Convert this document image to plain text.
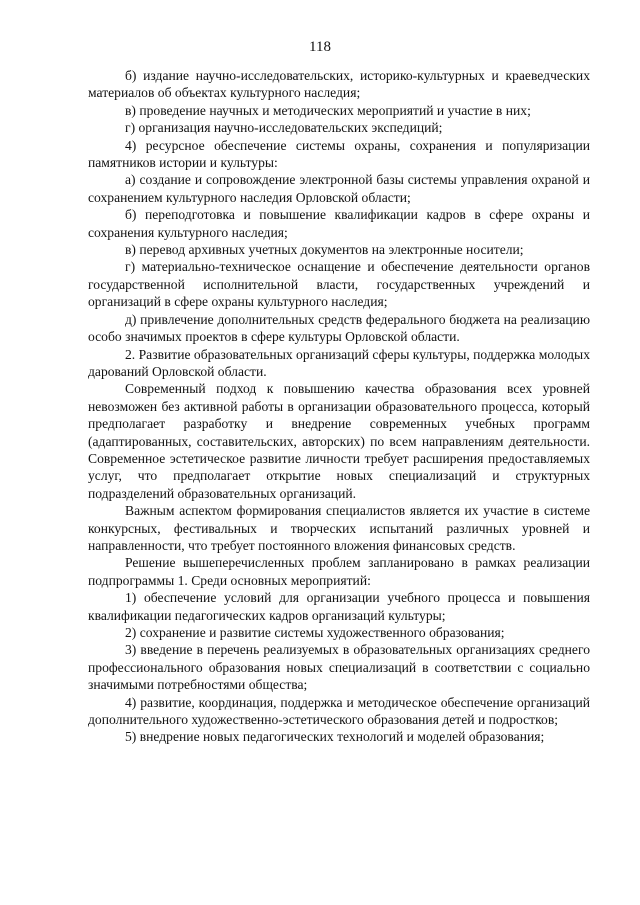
118

б) издание научно-исследовательских, историко-культурных и краеведческих материалов об объектах культурного наследия;

в) проведение научных и методических мероприятий и участие в них;

г) организация научно-исследовательских экспедиций;

4) ресурсное обеспечение системы охраны, сохранения и популяризации памятников истории и культуры:

а) создание и сопровождение электронной базы системы управления охраной и сохранением культурного наследия Орловской области;

б) переподготовка и повышение квалификации кадров в сфере охраны и сохранения культурного наследия;

в) перевод архивных учетных документов на электронные носители;

г) материально-техническое оснащение и обеспечение деятельности органов государственной исполнительной власти, государственных учреждений и организаций в сфере охраны культурного наследия;

д) привлечение дополнительных средств федерального бюджета на реализацию особо значимых проектов в сфере культуры Орловской области.

2. Развитие образовательных организаций сферы культуры, поддержка молодых дарований Орловской области.

Современный подход к повышению качества образования всех уровней невозможен без активной работы в организации образовательного процесса, который предполагает разработку и внедрение современных учебных программ (адаптированных, составительских, авторских) по всем направлениям деятельности. Современное эстетическое развитие личности требует расширения предоставляемых услуг, что предполагает открытие новых специализаций и структурных подразделений образовательных организаций.

Важным аспектом формирования специалистов является их участие в системе конкурсных, фестивальных и творческих испытаний различных уровней и направленности, что требует постоянного вложения финансовых средств.

Решение вышеперечисленных проблем запланировано в рамках реализации подпрограммы 1. Среди основных мероприятий:

1) обеспечение условий для организации учебного процесса и повышения квалификации педагогических кадров организаций культуры;

2) сохранение и развитие системы художественного образования;

3) введение в перечень реализуемых в образовательных организациях среднего профессионального образования новых специализаций в соответствии с социально значимыми потребностями общества;

4) развитие, координация, поддержка и методическое обеспечение организаций дополнительного художественно-эстетического образования детей и подростков;

5) внедрение новых педагогических технологий и моделей образования;
